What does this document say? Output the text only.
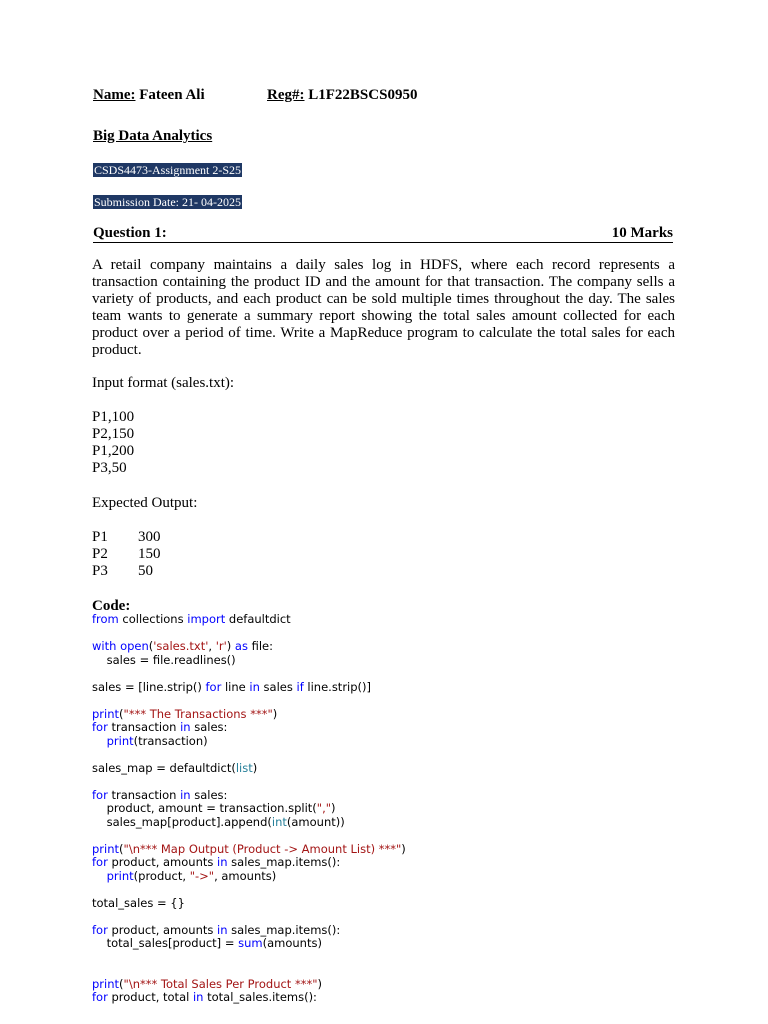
Name: Fateen Ali	Reg#: L1F22BSCS0950
Big Data Analytics
CSDS4473-Assignment 2-S25
Submission Date: 21- 04-2025
Question 1:	10 Marks
A retail company maintains a daily sales log in HDFS, where each record represents a transaction containing the product ID and the amount for that transaction. The company sells a variety of products, and each product can be sold multiple times throughout the day. The sales team wants to generate a summary report showing the total sales amount collected for each product over a period of time. Write a MapReduce program to calculate the total sales for each product.
Input format (sales.txt):
P1,100
P2,150
P1,200
P3,50
Expected Output:
P1 300
P2 150
P3 50
Code:
from collections import defaultdict
with open('sales.txt', 'r') as file:
sales = file.readlines()
sales = [line.strip() for line in sales if line.strip()]
print("*** The Transactions ***")
for transaction in sales:
print(transaction)
sales_map = defaultdict(list)
for transaction in sales:
product, amount = transaction.split(",")
sales_map[product].append(int(amount))
print("\n*** Map Output (Product -> Amount List) ***")
for product, amounts in sales_map.items():
print(product, "->", amounts)
total_sales = {}
for product, amounts in sales_map.items():
total_sales[product] = sum(amounts)
print("\n*** Total Sales Per Product ***")
for product, total in total_sales.items():
